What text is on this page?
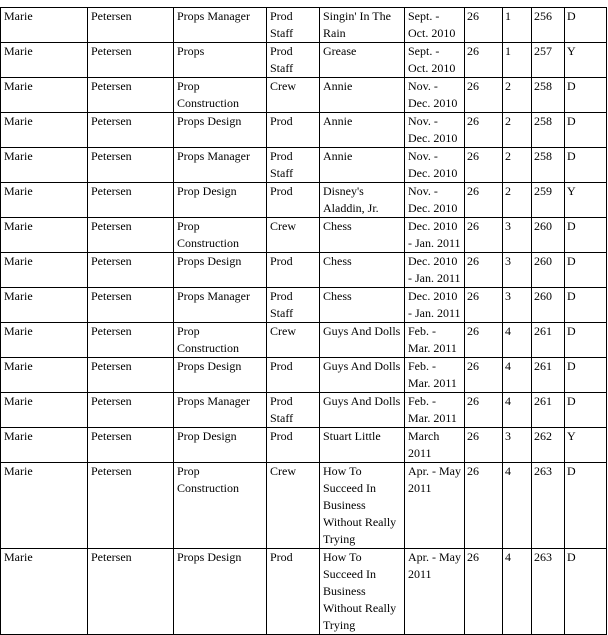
Marie	Petersen	Props Manager	Prod Staff	Singin' In The Rain	Sept. - Oct. 2010	26	1	256	D
Marie	Petersen	Props	Prod Staff	Grease	Sept. - Oct. 2010	26	1	257	Y
Marie	Petersen	Prop Construction	Crew	Annie	Nov. - Dec. 2010	26	2	258	D
Marie	Petersen	Props Design	Prod	Annie	Nov. - Dec. 2010	26	2	258	D
Marie	Petersen	Props Manager	Prod Staff	Annie	Nov. - Dec. 2010	26	2	258	D
Marie	Petersen	Prop Design	Prod	Disney's Aladdin, Jr.	Nov. - Dec. 2010	26	2	259	Y
Marie	Petersen	Prop Construction	Crew	Chess	Dec. 2010 - Jan. 2011	26	3	260	D
Marie	Petersen	Props Design	Prod	Chess	Dec. 2010 - Jan. 2011	26	3	260	D
Marie	Petersen	Props Manager	Prod Staff	Chess	Dec. 2010 - Jan. 2011	26	3	260	D
Marie	Petersen	Prop Construction	Crew	Guys And Dolls	Feb. - Mar. 2011	26	4	261	D
Marie	Petersen	Props Design	Prod	Guys And Dolls	Feb. - Mar. 2011	26	4	261	D
Marie	Petersen	Props Manager	Prod Staff	Guys And Dolls	Feb. - Mar. 2011	26	4	261	D
Marie	Petersen	Prop Design	Prod	Stuart Little	March 2011	26	3	262	Y
Marie	Petersen	Prop Construction	Crew	How To Succeed In Business Without Really Trying	Apr. - May 2011	26	4	263	D
Marie	Petersen	Props Design	Prod	How To Succeed In Business Without Really Trying	Apr. - May 2011	26	4	263	D
